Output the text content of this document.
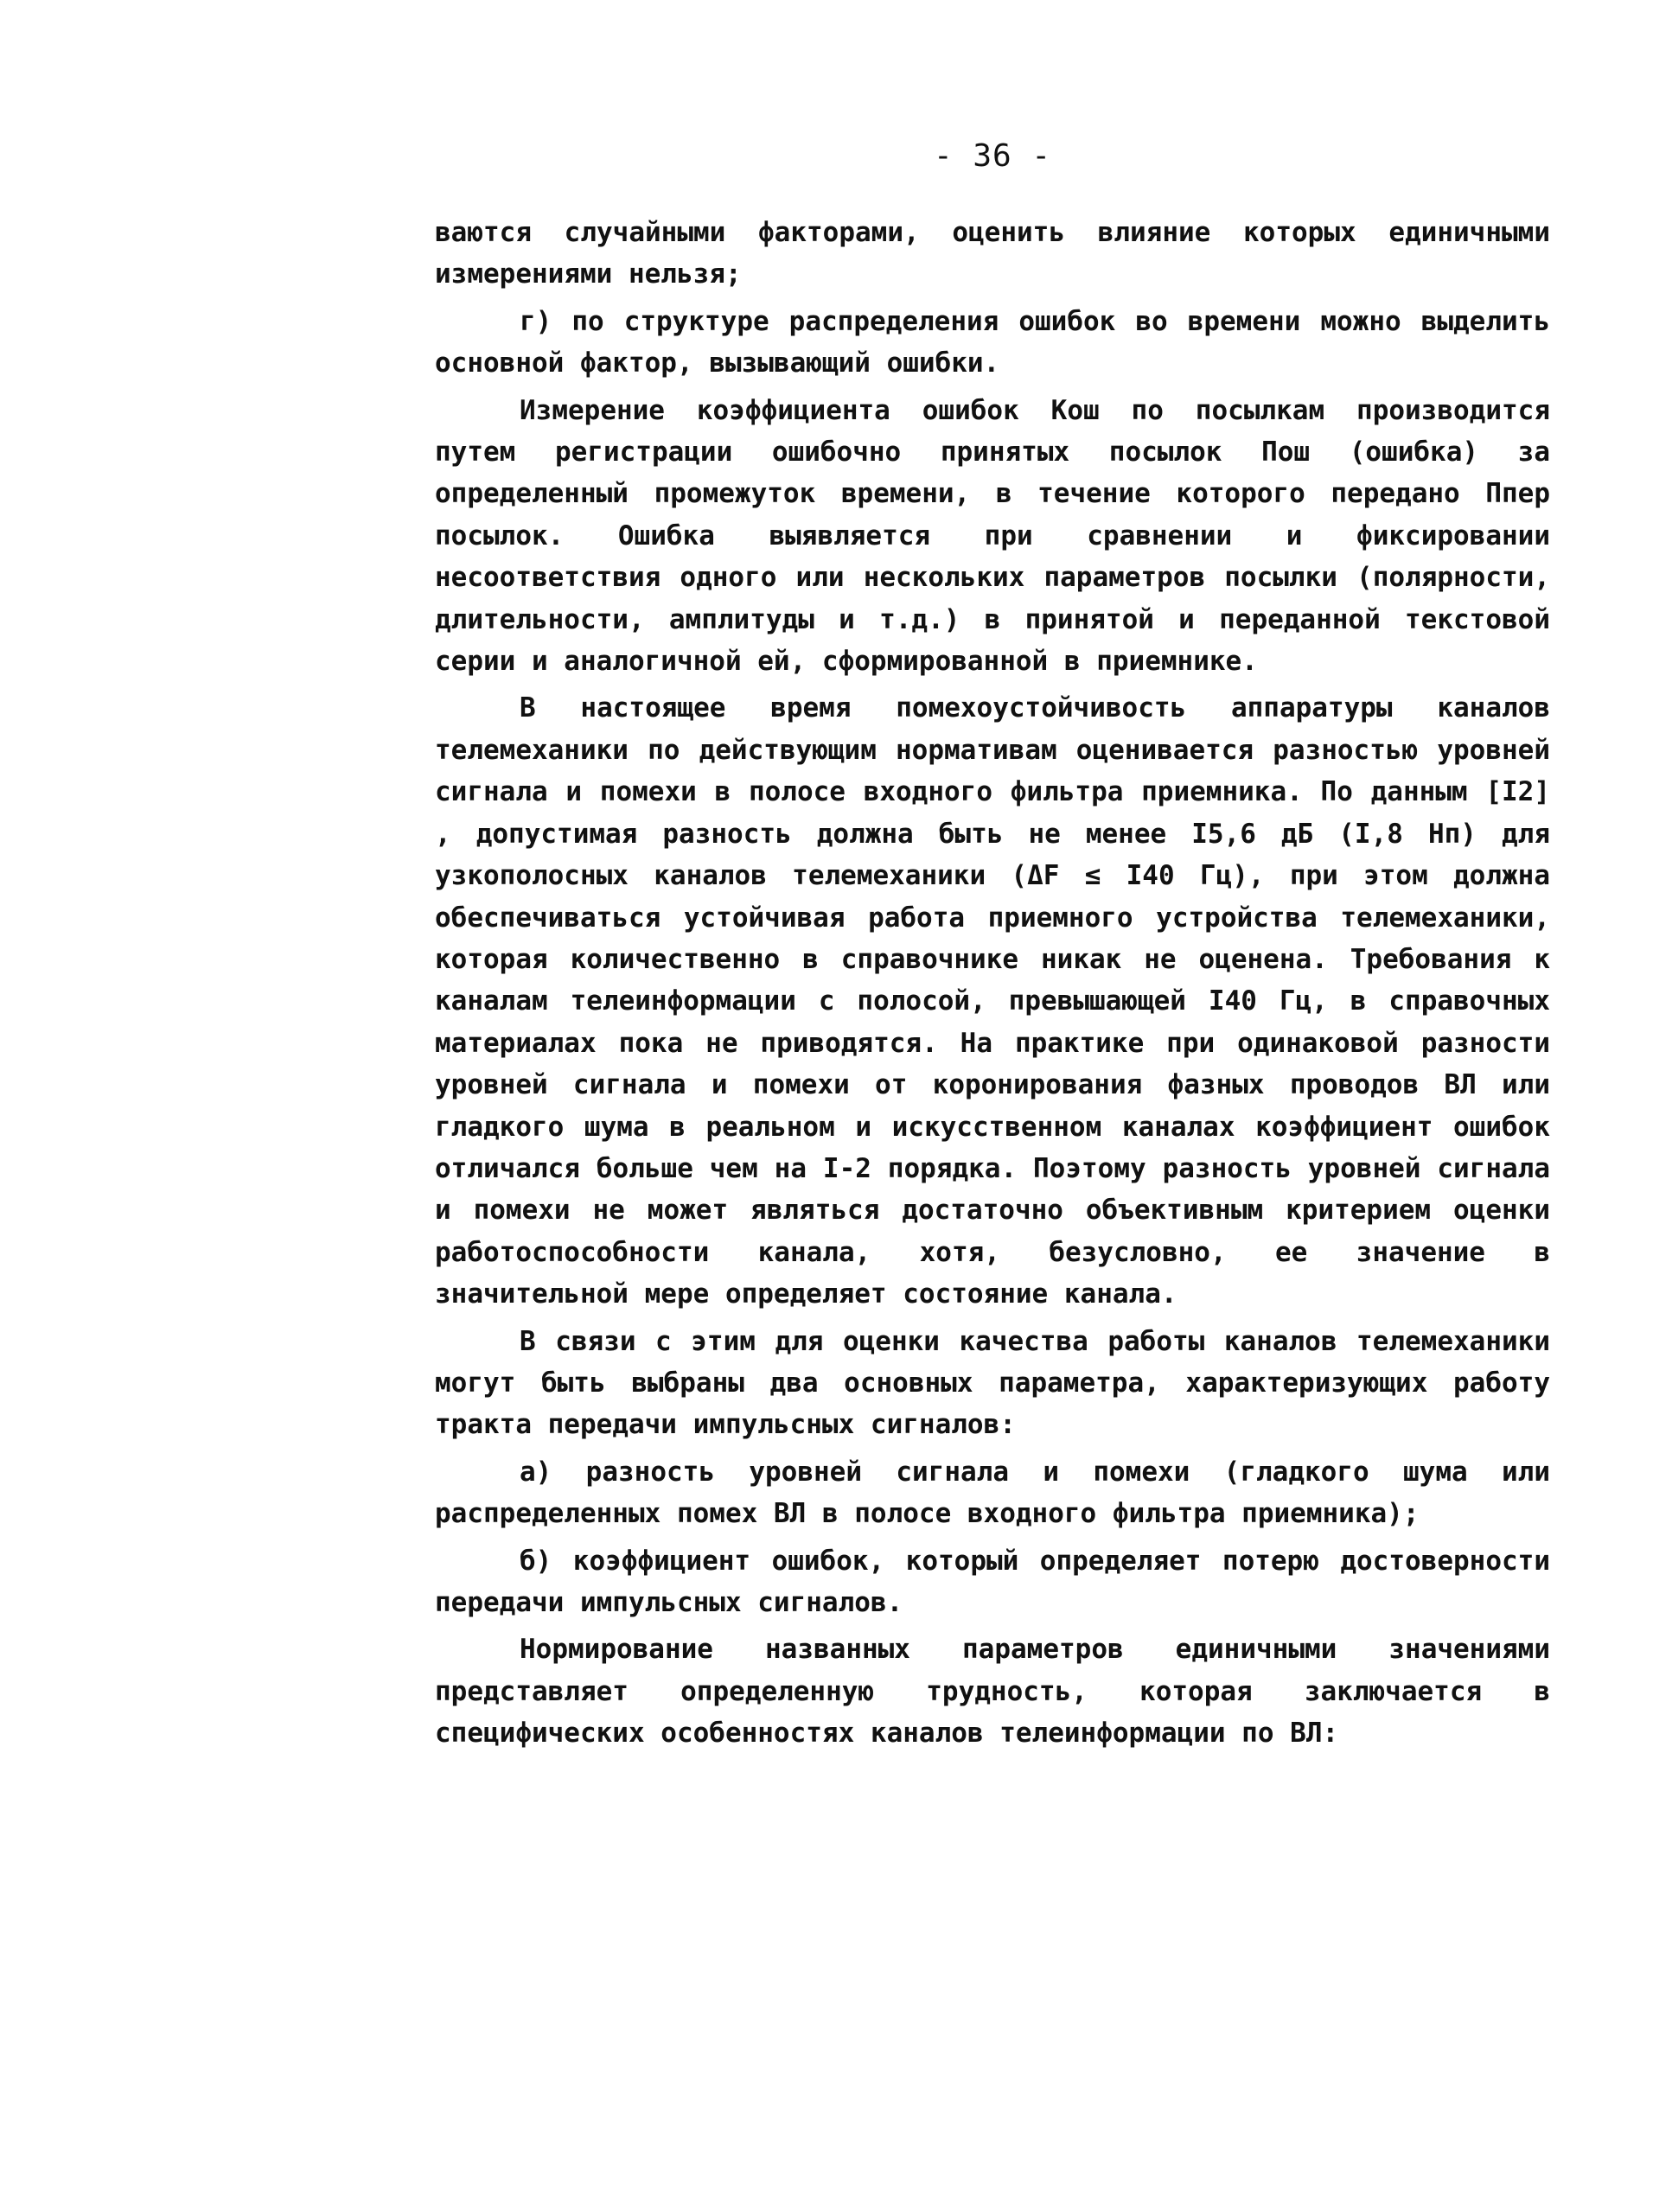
- 36 -

ваются случайными факторами, оценить влияние которых единичными измерениями нельзя;

г) по структуре распределения ошибок во времени можно выделить основной фактор, вызывающий ошибки.

Измерение коэффициента ошибок Кош по посылкам производится путем регистрации ошибочно принятых посылок Пош (ошибка) за определенный промежуток времени, в течение которого передано Ппер посылок. Ошибка выявляется при сравнении и фиксировании несоответствия одного или нескольких параметров посылки (полярности, длительности, амплитуды и т.д.) в принятой и переданной текстовой серии и аналогичной ей, сформированной в приемнике.

В настоящее время помехоустойчивость аппаратуры каналов телемеханики по действующим нормативам оценивается разностью уровней сигнала и помехи в полосе входного фильтра приемника. По данным [I2] , допустимая разность должна быть не менее I5,6 дБ (I,8 Нп) для узкополосных каналов телемеханики (ΔF ≤ I40 Гц), при этом должна обеспечиваться устойчивая работа приемного устройства телемеханики, которая количественно в справочнике никак не оценена. Требования к каналам телеинформации с полосой, превышающей I40 Гц, в справочных материалах пока не приводятся. На практике при одинаковой разности уровней сигнала и помехи от коронирования фазных проводов ВЛ или гладкого шума в реальном и искусственном каналах коэффициент ошибок отличался больше чем на I-2 порядка. Поэтому разность уровней сигнала и помехи не может являться достаточно объективным критерием оценки работоспособности канала, хотя, безусловно, ее значение в значительной мере определяет состояние канала.

В связи с этим для оценки качества работы каналов телемеханики могут быть выбраны два основных параметра, характеризующих работу тракта передачи импульсных сигналов:

а) разность уровней сигнала и помехи (гладкого шума или распределенных помех ВЛ в полосе входного фильтра приемника);

б) коэффициент ошибок, который определяет потерю достоверности передачи импульсных сигналов.

Нормирование названных параметров единичными значениями представляет определенную трудность, которая заключается в специфических особенностях каналов телеинформации по ВЛ:
